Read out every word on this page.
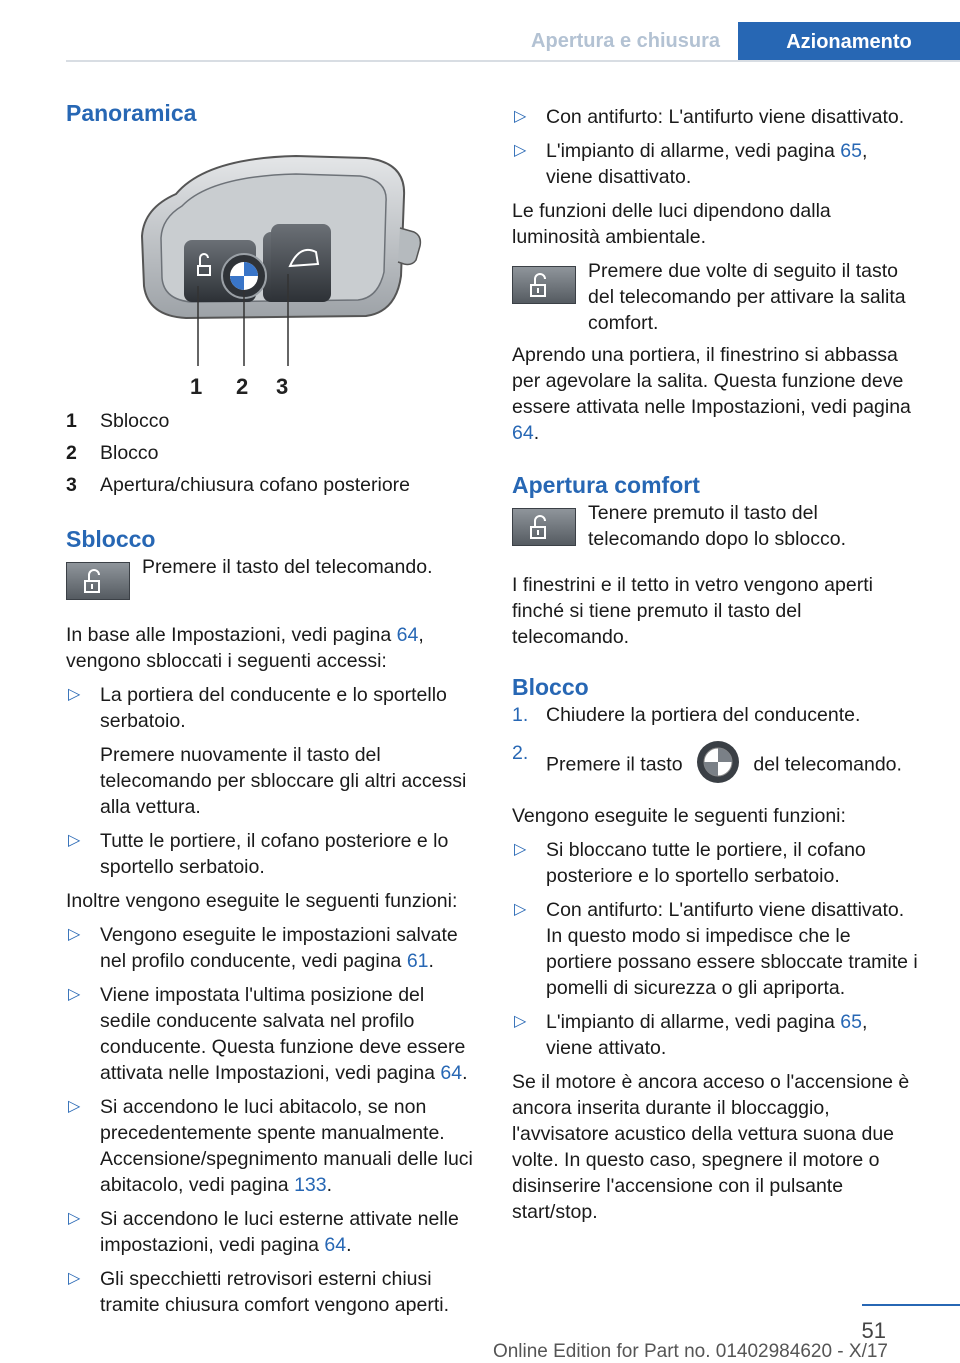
Apertura e chiusura	Azionamento
Panoramica
1 2 3
1	Sblocco
2	Blocco
3	Apertura/chiusura cofano posteriore
Sblocco
Premere il tasto del telecomando.

In base alle Impostazioni, vedi pagina 64,
vengono sbloccati i seguenti accessi:

▷ La portiera del conducente e lo sportello serbatoio.

Premere nuovamente il tasto del telecomando per sbloccare gli altri accessi alla vettura.

▷ Tutte le portiere, il cofano posteriore e lo sportello serbatoio.

Inoltre vengono eseguite le seguenti funzioni:

▷ Vengono eseguite le impostazioni salvate nel profilo conducente, vedi pagina 61.
▷ Viene impostata l'ultima posizione del sedile conducente salvata nel profilo conducente. Questa funzione deve essere attivata nelle Impostazioni, vedi pagina 64.
▷ Si accendono le luci abitacolo, se non precedentemente spente manualmente. Accensione/spegnimento manuali delle luci abitacolo, vedi pagina 133.
▷ Si accendono le luci esterne attivate nelle impostazioni, vedi pagina 64.
▷ Gli specchietti retrovisori esterni chiusi tramite chiusura comfort vengono aperti.
▷ Con antifurto: L'antifurto viene disattivato.
▷ L'impianto di allarme, vedi pagina 65,
viene disattivato.

Le funzioni delle luci dipendono dalla luminosità ambientale.

Premere due volte di seguito il tasto del telecomando per attivare la salita comfort.

Aprendo una portiera, il finestrino si abbassa per agevolare la salita. Questa funzione deve essere attivata nelle Impostazioni, vedi pagina 64.

Apertura comfort
Tenere premuto il tasto del telecomando dopo lo sblocco.

I finestrini e il tetto in vetro vengono aperti finché si tiene premuto il tasto del telecomando.

Blocco
1. Chiudere la portiera del conducente.
2.
Premere il tasto	del telecomando.

Vengono eseguite le seguenti funzioni:

▷ Si bloccano tutte le portiere, il cofano posteriore e lo sportello serbatoio.
▷ Con antifurto: L'antifurto viene disattivato. In questo modo si impedisce che le portiere possano essere sbloccate tramite i pomelli di sicurezza o gli apriporta.
▷ L'impianto di allarme, vedi pagina 65,
viene attivato.

Se il motore è ancora acceso o l'accensione è ancora inserita durante il bloccaggio, l'avvisatore acustico della vettura suona due volte. In questo caso, spegnere il motore o disinserire l'accensione con il pulsante start/stop.

51
Online Edition for Part no. 01402984620 - X/17
